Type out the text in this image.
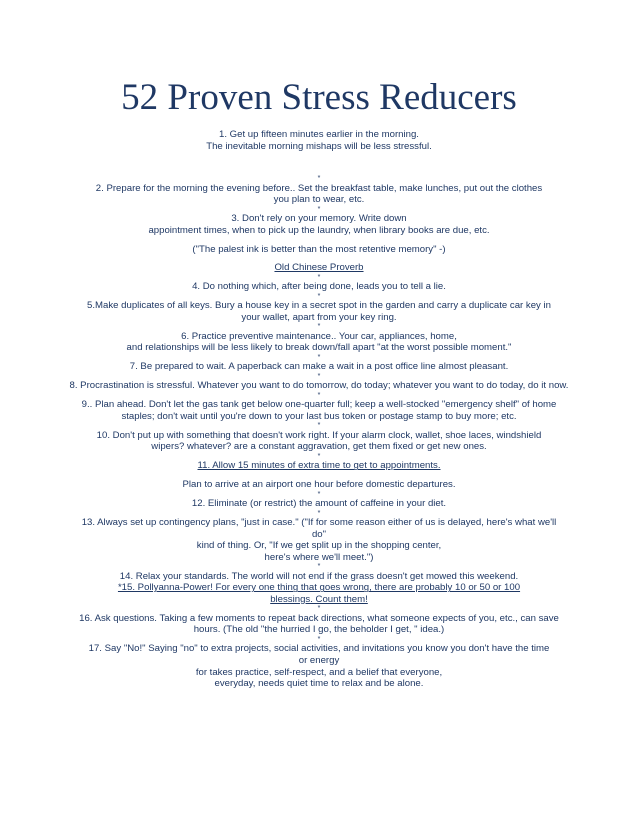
52 Proven Stress Reducers

1. Get up fifteen minutes earlier in the morning.

The inevitable morning mishaps will be less stressful.

*

2. Prepare for the morning the evening before.. Set the breakfast table, make lunches, put out the clothes you plan to wear, etc.

*

3. Don't rely on your memory. Write down

appointment times, when to pick up the laundry, when library books are due, etc.

("The palest ink is better than the most retentive memory" -)

Old Chinese Proverb

*

4. Do nothing which, after being done, leads you to tell a lie.

*

5.Make duplicates of all keys. Bury a house key in a secret spot in the garden and carry a duplicate car key in your wallet, apart from your key ring.

*

6. Practice preventive maintenance.. Your car, appliances, home,

and relationships will be less likely to break down/fall apart "at the worst possible moment."

*

7. Be prepared to wait. A paperback can make a wait in a post office line almost pleasant.

*

8. Procrastination is stressful. Whatever you want to do tomorrow, do today; whatever you want to do today, do it now.

*

9.. Plan ahead. Don't let the gas tank get below one-quarter full; keep a well-stocked "emergency shelf" of home staples; don't wait until you're down to your last bus token or postage stamp to buy more; etc.

*

10. Don't put up with something that doesn't work right. If your alarm clock, wallet, shoe laces, windshield wipers? whatever? are a constant aggravation, get them fixed or get new ones.

*

11. Allow 15 minutes of extra time to get to appointments.

Plan to arrive at an airport one hour before domestic departures.

*

12. Eliminate (or restrict) the amount of caffeine in your diet.

*

13. Always set up contingency plans, "just in case." ("If for some reason either of us is delayed, here's what we'll do"

kind of thing. Or, "If we get split up in the shopping center,

here's where we'll meet.")

*

14. Relax your standards. The world will not end if the grass doesn't get mowed this weekend.

*15. Pollyanna-Power! For every one thing that goes wrong, there are probably 10 or 50 or 100 blessings. Count them!

*

16. Ask questions. Taking a few moments to repeat back directions, what someone expects of you, etc., can save hours. (The old "the hurried I go, the beholder I get, " idea.)

*

17. Say "No!" Saying "no" to extra projects, social activities, and invitations you know you don't have the time or energy

for takes practice, self-respect, and a belief that everyone,

everyday, needs quiet time to relax and be alone.
